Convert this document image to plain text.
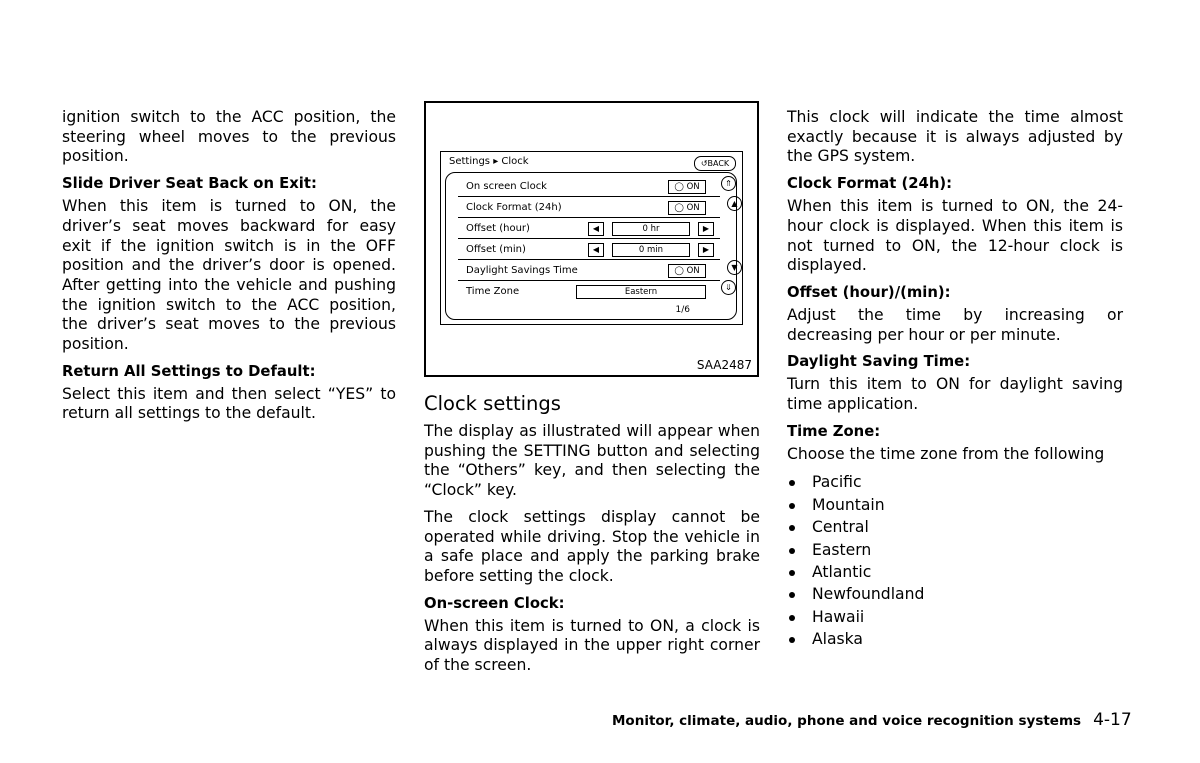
ignition switch to the ACC position, the steering wheel moves to the previous position.

Slide Driver Seat Back on Exit:

When this item is turned to ON, the driver’s seat moves backward for easy exit if the ignition switch is in the OFF position and the driver’s door is opened. After getting into the vehicle and pushing the ignition switch to the ACC position, the driver’s seat moves to the previous position.

Return All Settings to Default:

Select this item and then select “YES” to return all settings to the default.

Settings ▸ Clock	↺BACK
On screen Clock	◯ ON
Clock Format (24h)	◯ ON
Offset (hour)	◀	0 hr	▶
Offset (min)	◀	0 min	▶
Daylight Savings Time	◯ ON
Time Zone	Eastern
1/6
⇑
▲
▼
⇓
SAA2487
Clock settings

The display as illustrated will appear when pushing the SETTING button and selecting the “Others” key, and then selecting the “Clock” key.

The clock settings display cannot be operated while driving. Stop the vehicle in a safe place and apply the parking brake before setting the clock.

On-screen Clock:

When this item is turned to ON, a clock is always displayed in the upper right corner of the screen.

This clock will indicate the time almost exactly because it is always adjusted by the GPS system.

Clock Format (24h):

When this item is turned to ON, the 24-hour clock is displayed. When this item is not turned to ON, the 12-hour clock is displayed.

Offset (hour)/(min):

Adjust the time by increasing or decreasing per hour or per minute.

Daylight Saving Time:

Turn this item to ON for daylight saving time application.

Time Zone:

Choose the time zone from the following

Pacific
Mountain
Central
Eastern
Atlantic
Newfoundland
Hawaii
Alaska
Monitor, climate, audio, phone and voice recognition systems 4-17
